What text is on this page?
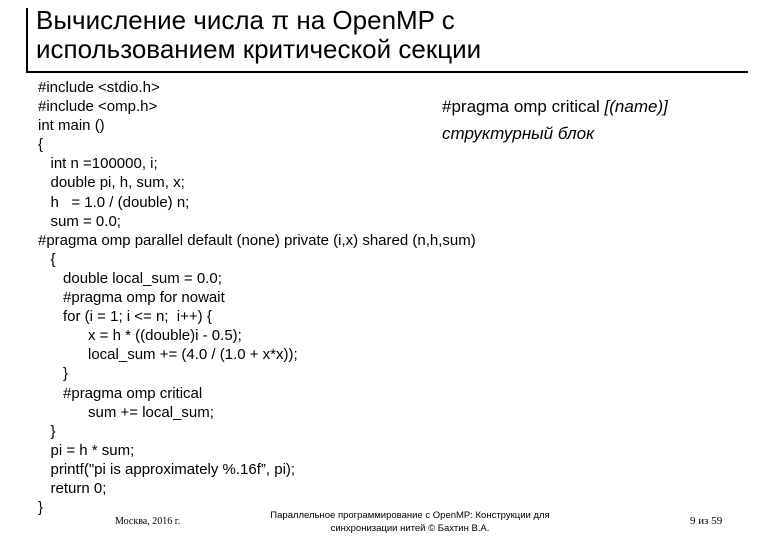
Вычисление числа π на OpenMP с
использованием критической секции
#include <stdio.h>
#include <omp.h>
int main ()
{
int n =100000, i;
double pi, h, sum, x;
h   = 1.0 / (double) n;
sum = 0.0;
#pragma omp parallel default (none) private (i,x) shared (n,h,sum)
{
double local_sum = 0.0;
#pragma omp for nowait
for (i = 1; i <= n;  i++) {
x = h * ((double)i - 0.5);
local_sum += (4.0 / (1.0 + x*x));
}
#pragma omp critical
sum += local_sum;
}
pi = h * sum;
printf("pi is approximately %.16f”, pi);
return 0;
}
#pragma omp critical [(name)]
структурный блок
Москва, 2016 г.
Параллельное программирование с OpenMP: Конструкции для
синхронизации нитей © Бахтин В.А.
9 из 59
